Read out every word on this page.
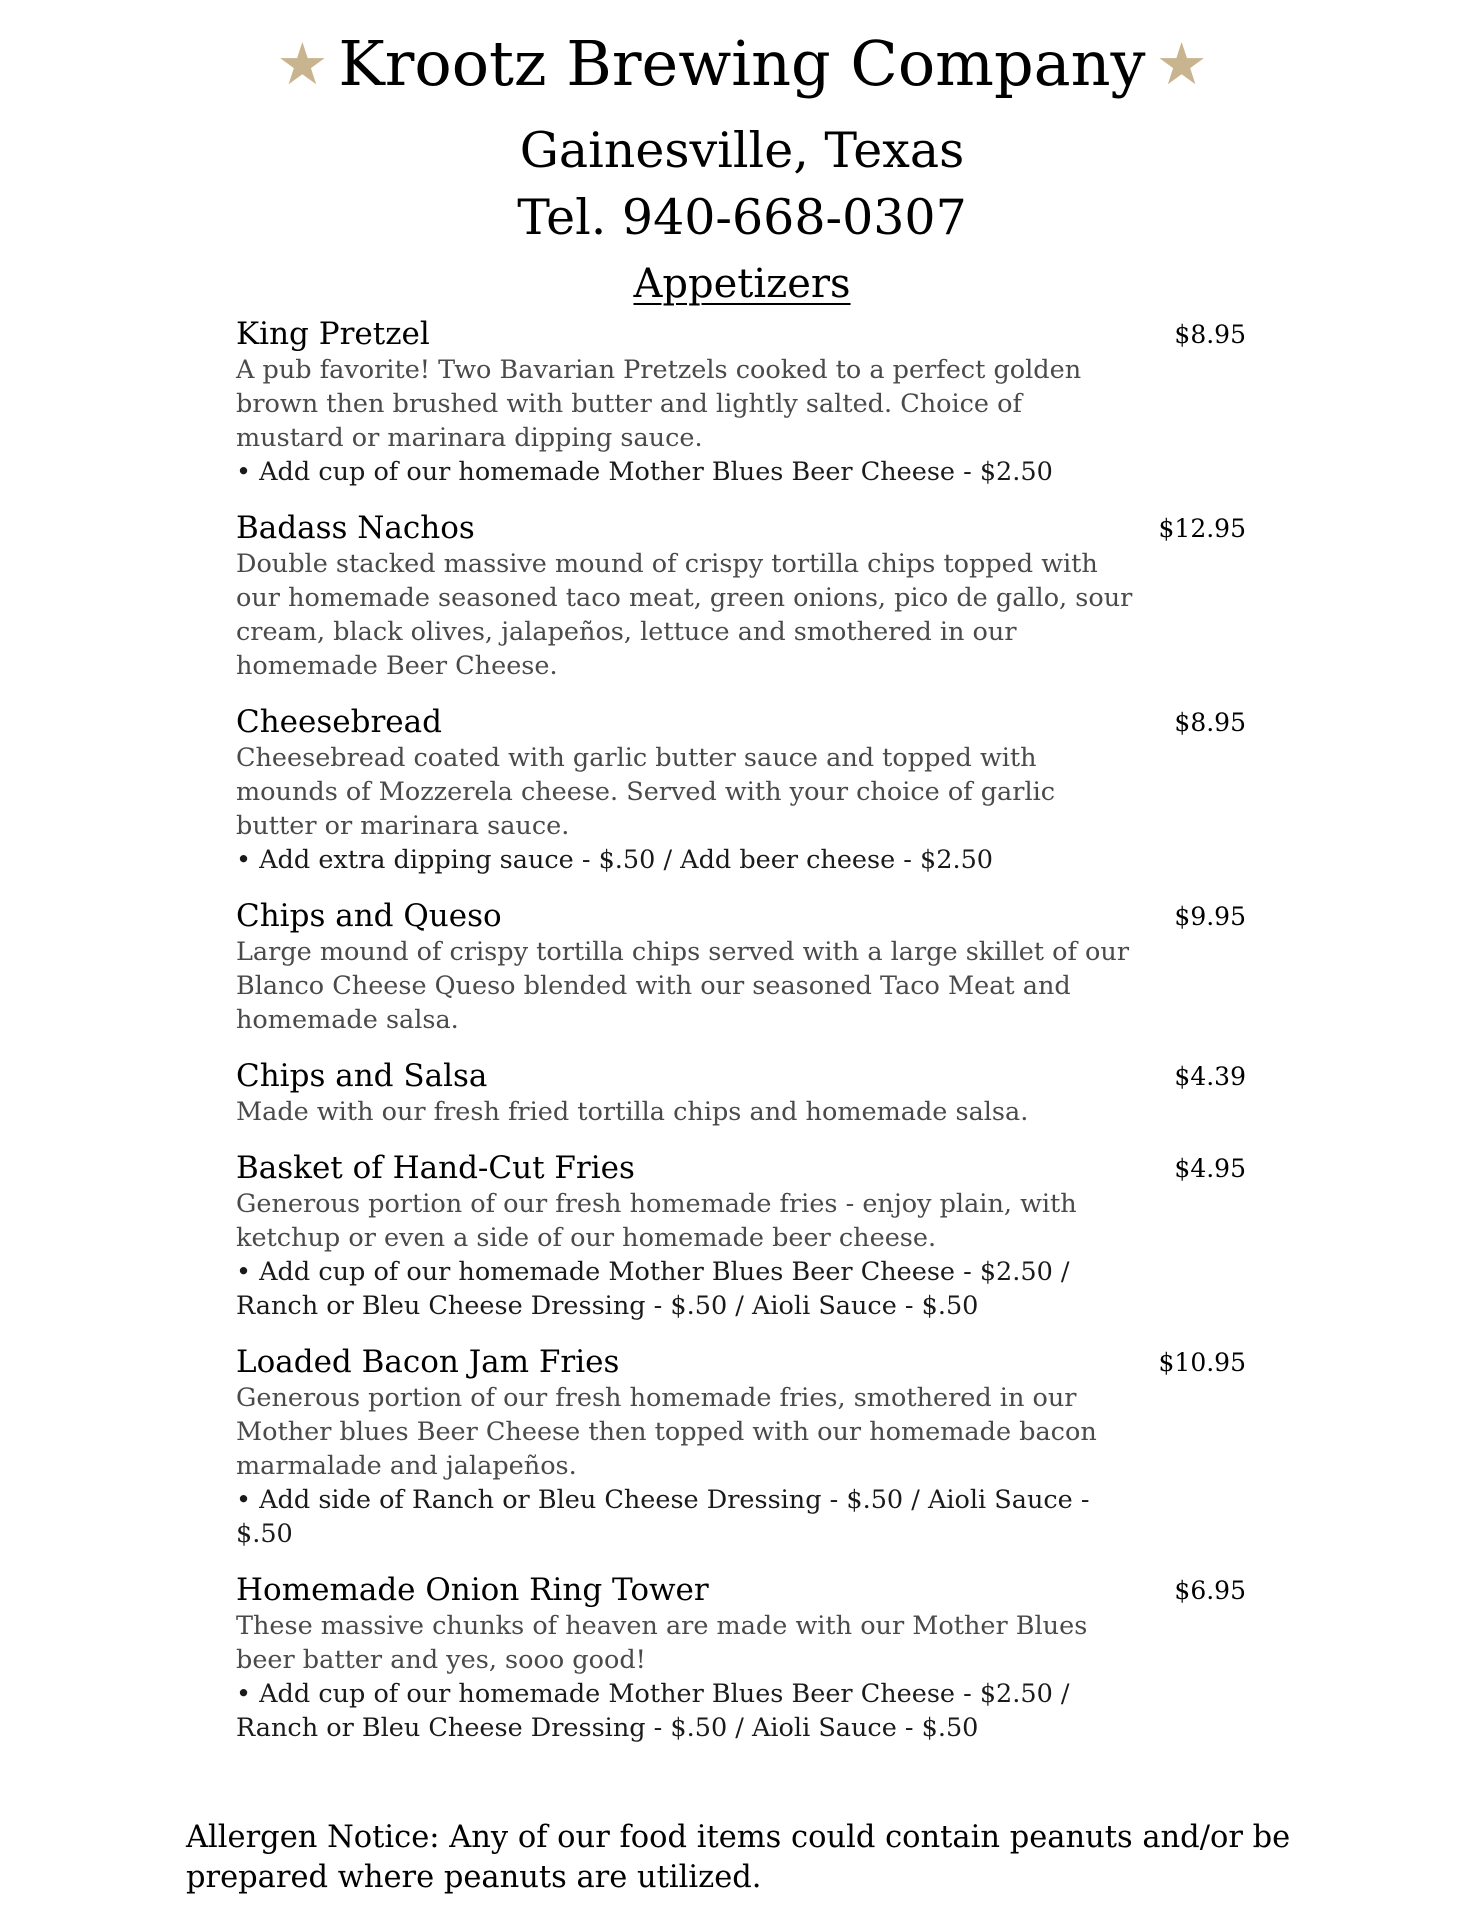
★ Krootz Brewing Company ★
Gainesville, Texas
Tel. 940-668-0307
Appetizers
King Pretzel	$8.95
A pub favorite! Two Bavarian Pretzels cooked to a perfect golden brown then brushed with butter and lightly salted. Choice of mustard or marinara dipping sauce.
• Add cup of our homemade Mother Blues Beer Cheese - $2.50
Badass Nachos	$12.95
Double stacked massive mound of crispy tortilla chips topped with our homemade seasoned taco meat, green onions, pico de gallo, sour cream, black olives, jalapeños, lettuce and smothered in our homemade Beer Cheese.
Cheesebread	$8.95
Cheesebread coated with garlic butter sauce and topped with mounds of Mozzerela cheese. Served with your choice of garlic butter or marinara sauce.
• Add extra dipping sauce - $.50 / Add beer cheese - $2.50
Chips and Queso	$9.95
Large mound of crispy tortilla chips served with a large skillet of our Blanco Cheese Queso blended with our seasoned Taco Meat and homemade salsa.
Chips and Salsa	$4.39
Made with our fresh fried tortilla chips and homemade salsa.
Basket of Hand-Cut Fries	$4.95
Generous portion of our fresh homemade fries - enjoy plain, with ketchup or even a side of our homemade beer cheese.
• Add cup of our homemade Mother Blues Beer Cheese - $2.50 / Ranch or Bleu Cheese Dressing - $.50 / Aioli Sauce - $.50
Loaded Bacon Jam Fries	$10.95
Generous portion of our fresh homemade fries, smothered in our Mother blues Beer Cheese then topped with our homemade bacon marmalade and jalapeños.
• Add side of Ranch or Bleu Cheese Dressing - $.50 / Aioli Sauce - $.50
Homemade Onion Ring Tower	$6.95
These massive chunks of heaven are made with our Mother Blues beer batter and yes, sooo good!
• Add cup of our homemade Mother Blues Beer Cheese - $2.50 / Ranch or Bleu Cheese Dressing - $.50 / Aioli Sauce - $.50
Allergen Notice: Any of our food items could contain peanuts and/or be prepared where peanuts are utilized.
